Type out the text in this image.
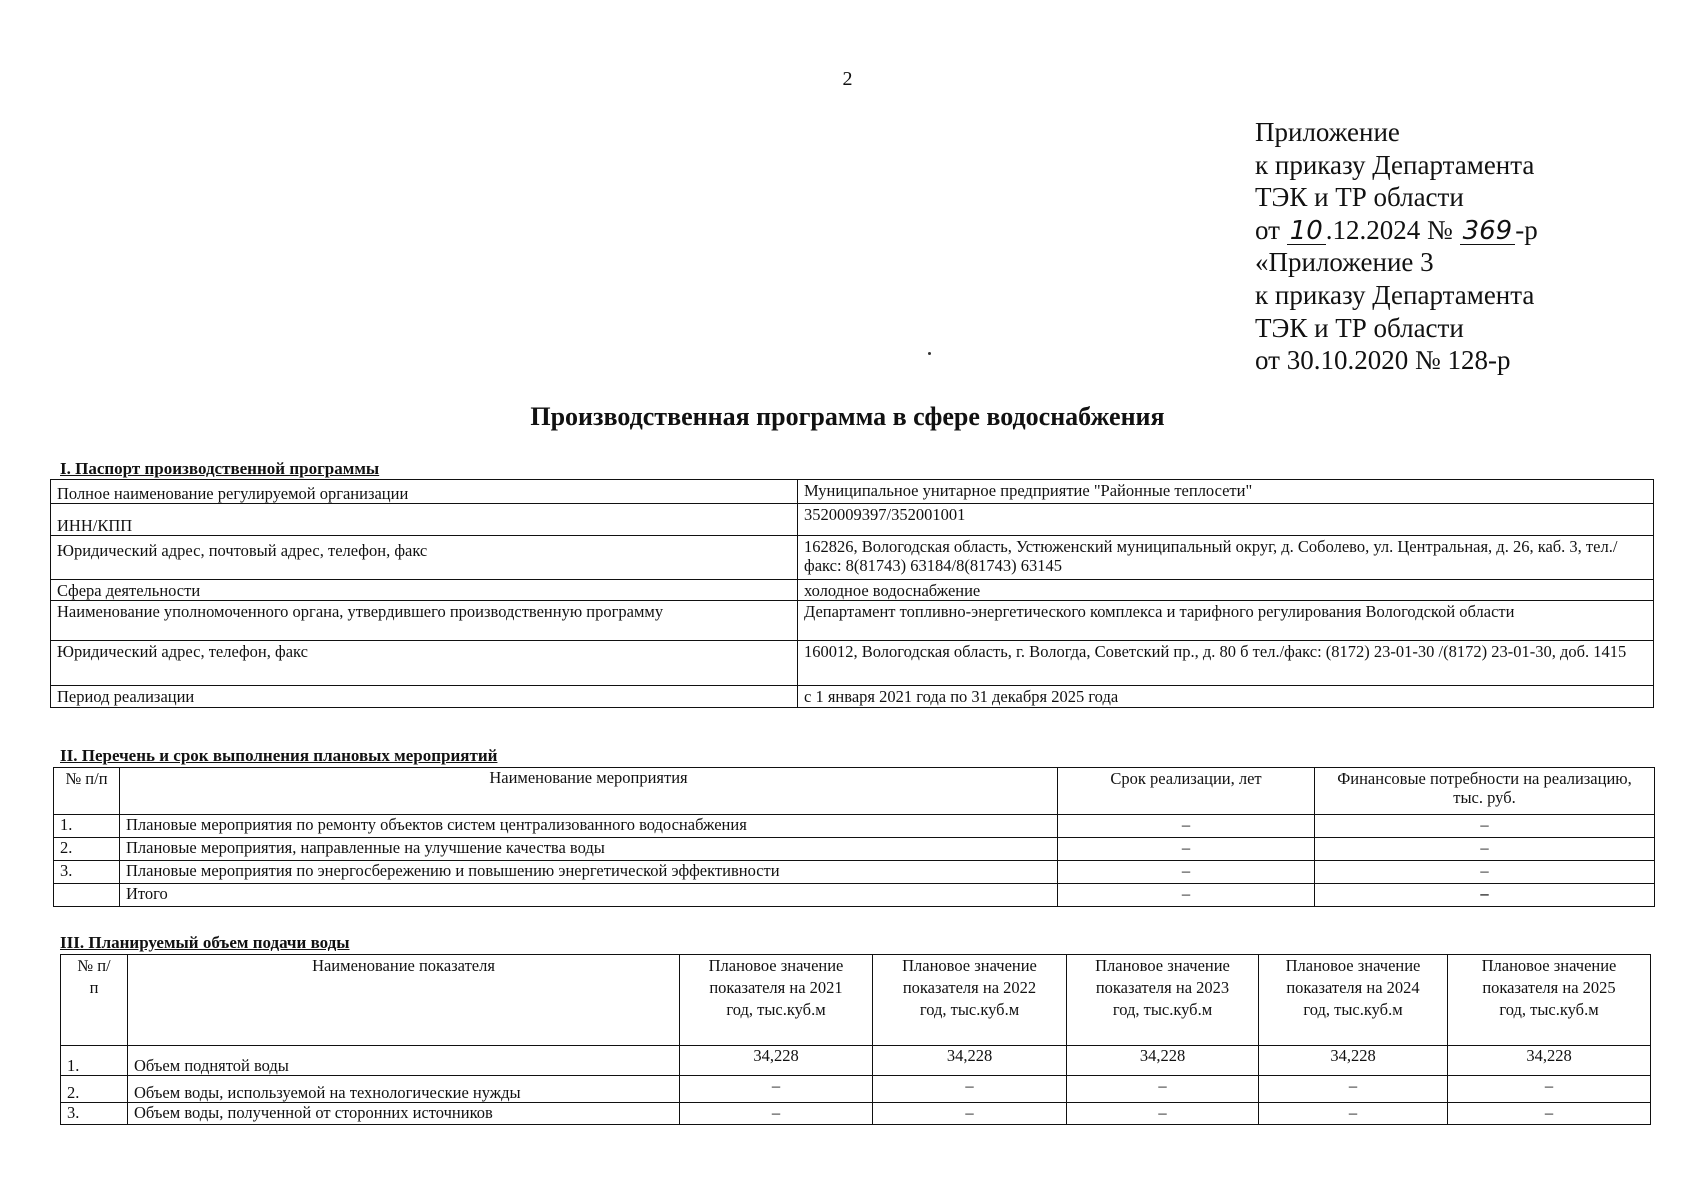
2
Приложение
к приказу Департамента
ТЭК и ТР области
от 10 .12.2024 № 369 -р
«Приложение 3
к приказу Департамента
ТЭК и ТР области
от 30.10.2020 № 128-р
Производственная программа в сфере водоснабжения
I. Паспорт производственной программы
Полное наименование регулируемой организации	Муниципальное унитарное предприятие "Районные теплосети"
ИНН/КПП	3520009397/352001001
Юридический адрес, почтовый адрес, телефон, факс	162826, Вологодская область, Устюженский муниципальный округ, д. Соболево, ул. Центральная, д. 26, каб. 3, тел./факс: 8(81743) 63184/8(81743) 63145
Сфера деятельности	холодное водоснабжение
Наименование уполномоченного органа, утвердившего производственную программу	Департамент топливно-энергетического комплекса и тарифного регулирования Вологодской области
Юридический адрес, телефон, факс	160012, Вологодская область, г. Вологда, Советский пр., д. 80 б тел./факс: (8172) 23-01-30 /(8172) 23-01-30, доб. 1415
Период реализации	с 1 января 2021 года по 31 декабря 2025 года
II. Перечень и срок выполнения плановых мероприятий
№ п/п	Наименование мероприятия	Срок реализации, лет	Финансовые потребности на реализацию, тыс. руб.
1.	Плановые мероприятия по ремонту объектов систем централизованного водоснабжения	–	–
2.	Плановые мероприятия, направленные на улучшение качества воды	–	–
3.	Плановые мероприятия по энергосбережению и повышению энергетической эффективности	–	–
	Итого	–	–
III. Планируемый объем подачи воды
№ п/п	Наименование показателя	Плановое значение показателя на 2021 год, тыс.куб.м	Плановое значение показателя на 2022 год, тыс.куб.м	Плановое значение показателя на 2023 год, тыс.куб.м	Плановое значение показателя на 2024 год, тыс.куб.м	Плановое значение показателя на 2025 год, тыс.куб.м
1.	Объем поднятой воды	34,228	34,228	34,228	34,228	34,228
2.	Объем воды, используемой на технологические нужды	–	–	–	–	–
3.	Объем воды, полученной от сторонних источников	–	–	–	–	–
